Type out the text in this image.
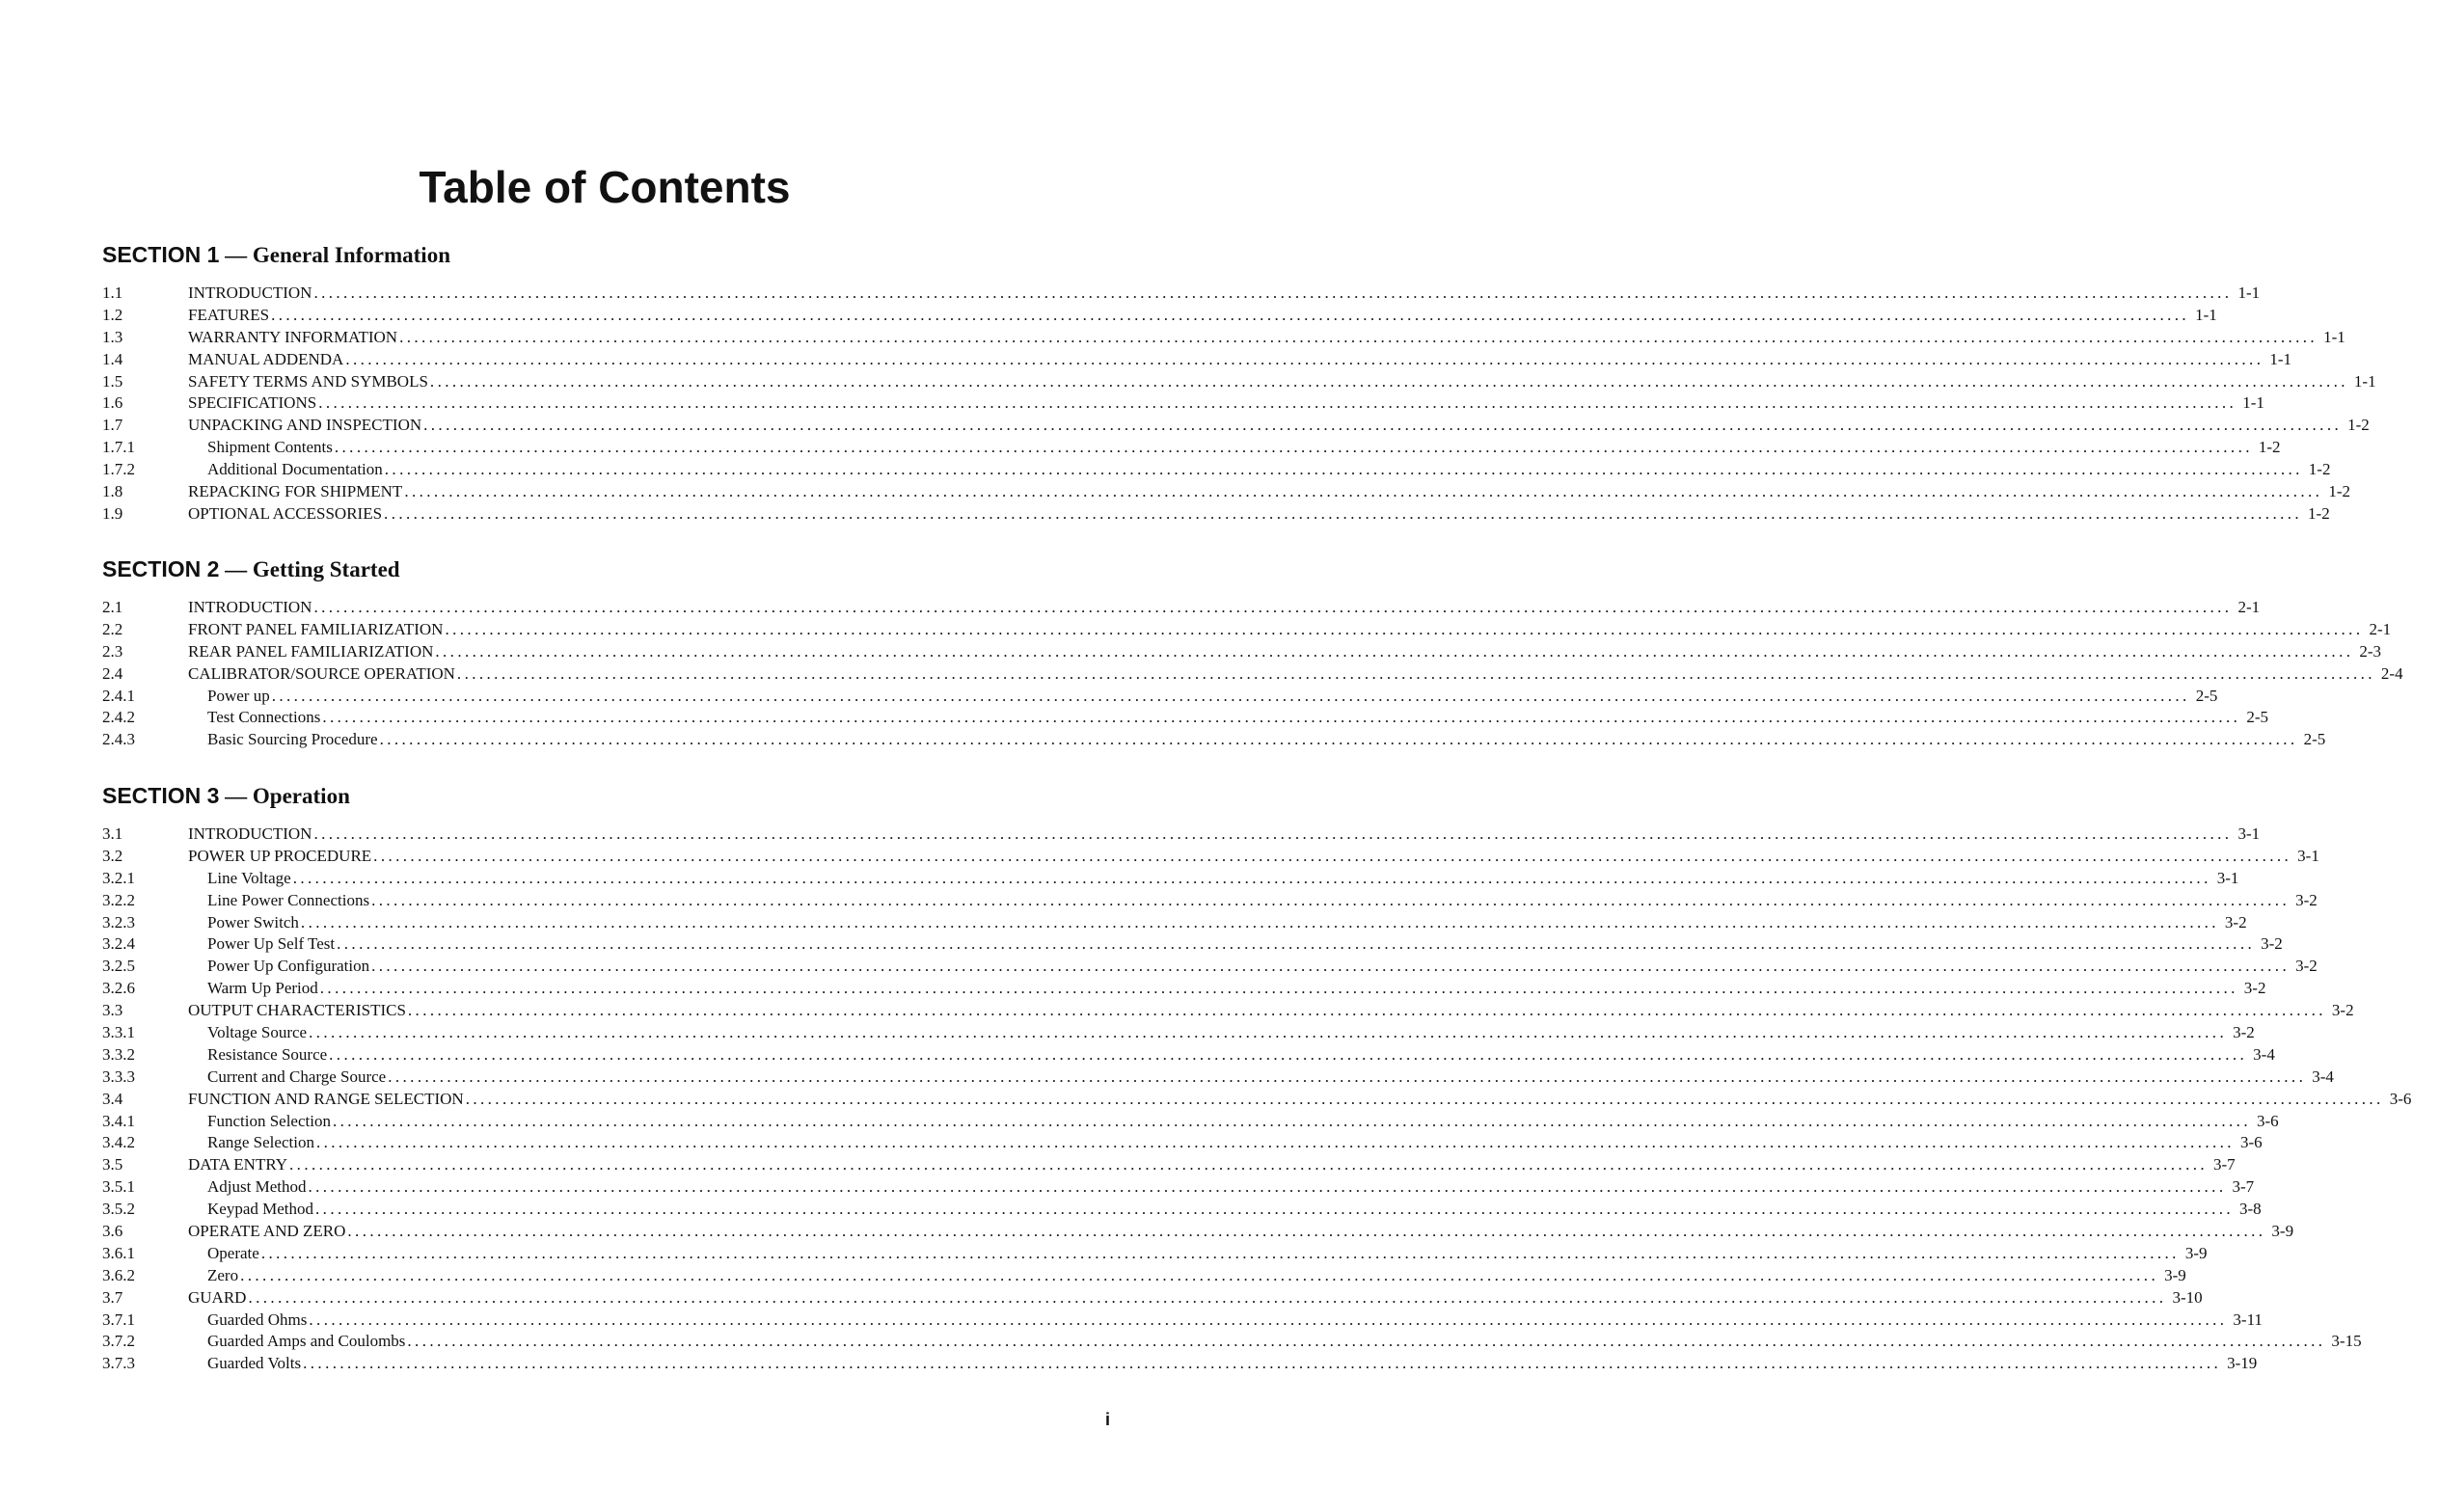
Table of Contents
SECTION 1 — General Information
1.1	INTRODUCTION .................................................................................................................................................................................................................................................................... 1-1
1.2	FEATURES .................................................................................................................................................................................................................................................................... 1-1
1.3	WARRANTY INFORMATION .................................................................................................................................................................................................................................................................... 1-1
1.4	MANUAL ADDENDA .................................................................................................................................................................................................................................................................... 1-1
1.5	SAFETY TERMS AND SYMBOLS .................................................................................................................................................................................................................................................................... 1-1
1.6	SPECIFICATIONS .................................................................................................................................................................................................................................................................... 1-1
1.7	UNPACKING AND INSPECTION .................................................................................................................................................................................................................................................................... 1-2
1.7.1	Shipment Contents .................................................................................................................................................................................................................................................................... 1-2
1.7.2	Additional Documentation .................................................................................................................................................................................................................................................................... 1-2
1.8	REPACKING FOR SHIPMENT .................................................................................................................................................................................................................................................................... 1-2
1.9	OPTIONAL ACCESSORIES .................................................................................................................................................................................................................................................................... 1-2
SECTION 2 — Getting Started
2.1	INTRODUCTION .................................................................................................................................................................................................................................................................... 2-1
2.2	FRONT PANEL FAMILIARIZATION .................................................................................................................................................................................................................................................................... 2-1
2.3	REAR PANEL FAMILIARIZATION .................................................................................................................................................................................................................................................................... 2-3
2.4	CALIBRATOR/SOURCE OPERATION .................................................................................................................................................................................................................................................................... 2-4
2.4.1	Power up .................................................................................................................................................................................................................................................................... 2-5
2.4.2	Test Connections .................................................................................................................................................................................................................................................................... 2-5
2.4.3	Basic Sourcing Procedure .................................................................................................................................................................................................................................................................... 2-5
SECTION 3 — Operation
3.1	INTRODUCTION .................................................................................................................................................................................................................................................................... 3-1
3.2	POWER UP PROCEDURE .................................................................................................................................................................................................................................................................... 3-1
3.2.1	Line Voltage .................................................................................................................................................................................................................................................................... 3-1
3.2.2	Line Power Connections .................................................................................................................................................................................................................................................................... 3-2
3.2.3	Power Switch .................................................................................................................................................................................................................................................................... 3-2
3.2.4	Power Up Self Test .................................................................................................................................................................................................................................................................... 3-2
3.2.5	Power Up Configuration .................................................................................................................................................................................................................................................................... 3-2
3.2.6	Warm Up Period .................................................................................................................................................................................................................................................................... 3-2
3.3	OUTPUT CHARACTERISTICS .................................................................................................................................................................................................................................................................... 3-2
3.3.1	Voltage Source .................................................................................................................................................................................................................................................................... 3-2
3.3.2	Resistance Source .................................................................................................................................................................................................................................................................... 3-4
3.3.3	Current and Charge Source .................................................................................................................................................................................................................................................................... 3-4
3.4	FUNCTION AND RANGE SELECTION .................................................................................................................................................................................................................................................................... 3-6
3.4.1	Function Selection .................................................................................................................................................................................................................................................................... 3-6
3.4.2	Range Selection .................................................................................................................................................................................................................................................................... 3-6
3.5	DATA ENTRY .................................................................................................................................................................................................................................................................... 3-7
3.5.1	Adjust Method .................................................................................................................................................................................................................................................................... 3-7
3.5.2	Keypad Method .................................................................................................................................................................................................................................................................... 3-8
3.6	OPERATE AND ZERO .................................................................................................................................................................................................................................................................... 3-9
3.6.1	Operate .................................................................................................................................................................................................................................................................... 3-9
3.6.2	Zero .................................................................................................................................................................................................................................................................... 3-9
3.7	GUARD .................................................................................................................................................................................................................................................................... 3-10
3.7.1	Guarded Ohms .................................................................................................................................................................................................................................................................... 3-11
3.7.2	Guarded Amps and Coulombs .................................................................................................................................................................................................................................................................... 3-15
3.7.3	Guarded Volts .................................................................................................................................................................................................................................................................... 3-19
i
